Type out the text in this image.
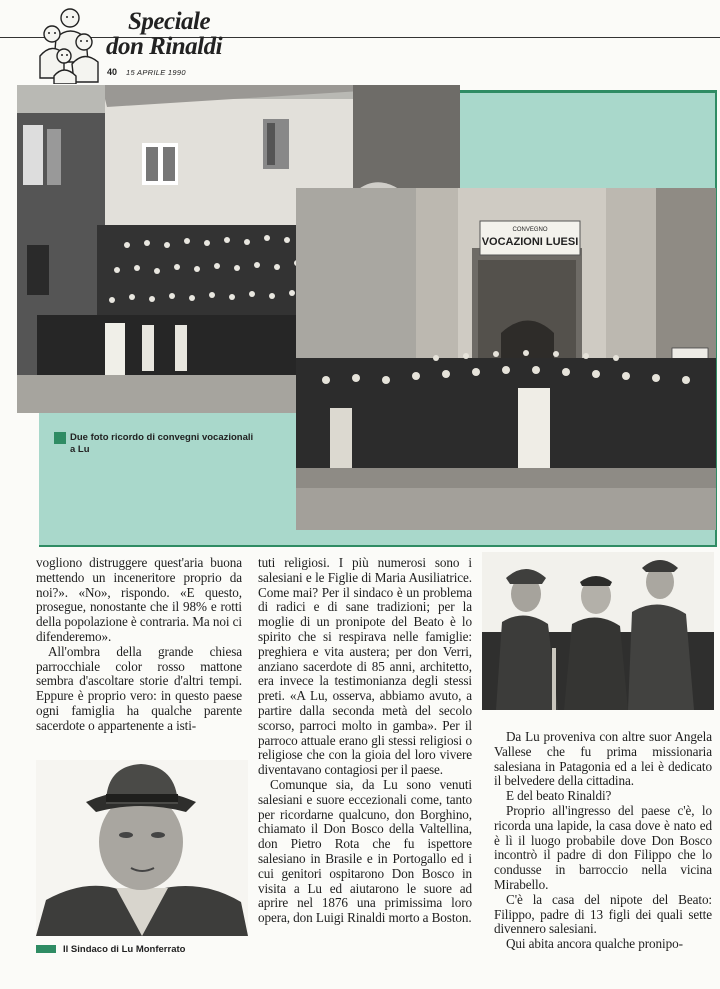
Speciale
don Rinaldi
40 15 APRILE 1990
CONVEGNO
VOCAZIONI LUESI
Due foto ricordo di convegni vocazionali a Lu

vogliono distruggere quest'aria buona mettendo un inceneritore proprio da noi?». «No», rispondo. «E questo, prosegue, nonostante che il 98% e rotti della popolazione è contraria. Ma noi ci difenderemo».

All'ombra della grande chiesa parrocchiale color rosso mattone sembra d'ascoltare storie d'altri tempi. Eppure è proprio vero: in questo paese ogni famiglia ha qualche parente sacerdote o appartenente a isti-

Il Sindaco di Lu Monferrato

tuti religiosi. I più numerosi sono i salesiani e le Figlie di Maria Ausiliatrice. Come mai? Per il sindaco è un problema di radici e di sane tradizioni; per la moglie di un pronipote del Beato è lo spirito che si respirava nelle famiglie: preghiera e vita austera; per don Verri, anziano sacerdote di 85 anni, architetto, era invece la testimonianza degli stessi preti. «A Lu, osserva, abbiamo avuto, a partire dalla seconda metà del secolo scorso, parroci molto in gamba». Per il parroco attuale erano gli stessi religiosi o religiose che con la gioia del loro vivere diventavano contagiosi per il paese.

Comunque sia, da Lu sono venuti salesiani e suore eccezionali come, tanto per ricordarne qualcuno, don Borghino, chiamato il Don Bosco della Valtellina, don Pietro Rota che fu ispettore salesiano in Brasile e in Portogallo ed i cui genitori ospitarono Don Bosco in visita a Lu ed aiutarono le suore ad aprire nel 1876 una primissima loro opera, don Luigi Rinaldi morto a Boston.

Da Lu proveniva con altre suor Angela Vallese che fu prima missionaria salesiana in Patagonia ed a lei è dedicato il belvedere della cittadina.

E del beato Rinaldi?

Proprio all'ingresso del paese c'è, lo ricorda una lapide, la casa dove è nato ed è lì il luogo probabile dove Don Bosco incontrò il padre di don Filippo che lo condusse in barroccio nella vicina Mirabello.

C'è la casa del nipote del Beato: Filippo, padre di 13 figli dei quali sette divennero salesiani.

Qui abita ancora qualche pronipo-
